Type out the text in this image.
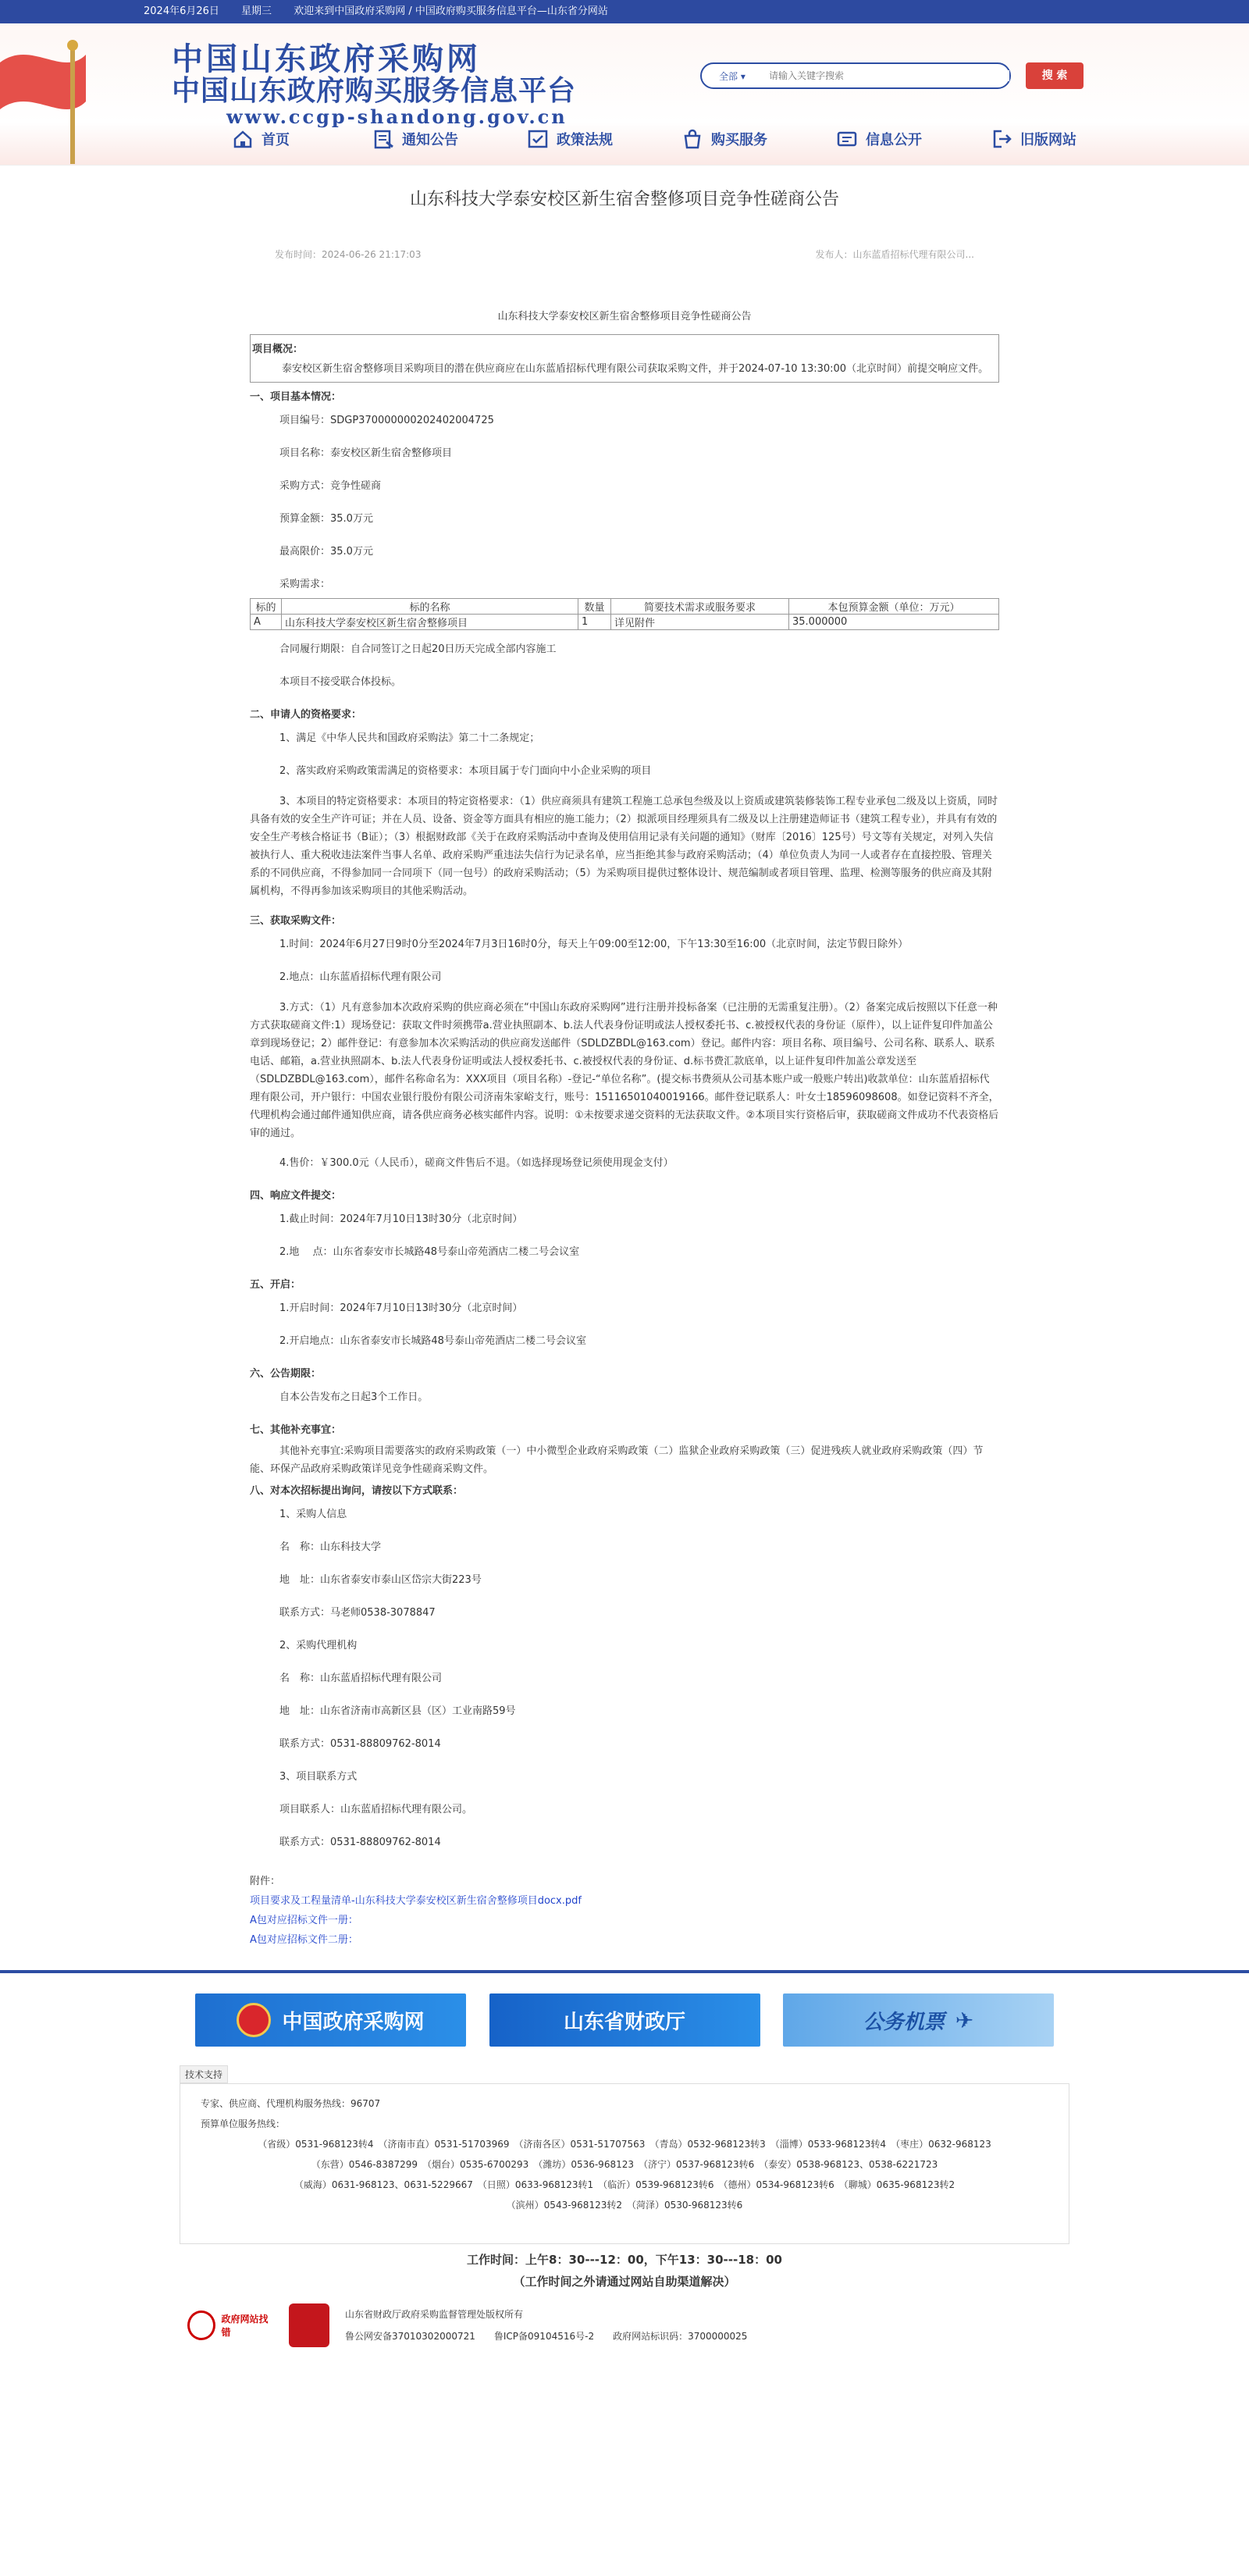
2024年6月26日 星期三 欢迎来到中国政府采购网 / 中国政府购买服务信息平台—山东省分网站
中国山东政府采购网
中国山东政府购买服务信息平台
www.ccgp-shandong.gov.cn
全部 ▾
请输入关键字搜索	搜 索
首页	通知公告	政策法规	购买服务	信息公开	旧版网站
山东科技大学泰安校区新生宿舍整修项目竞争性磋商公告
发布时间：2024-06-26 21:17:03	发布人：山东蓝盾招标代理有限公司...
山东科技大学泰安校区新生宿舍整修项目竞争性磋商公告

项目概况：

泰安校区新生宿舍整修项目采购项目的潜在供应商应在山东蓝盾招标代理有限公司获取采购文件，并于2024-07-10 13:30:00（北京时间）前提交响应文件。

一、项目基本情况：
项目编号：SDGP370000000202402004725
项目名称：泰安校区新生宿舍整修项目
采购方式：竞争性磋商
预算金额：35.0万元
最高限价：35.0万元
采购需求：
标的	标的名称	数量	简要技术需求或服务要求	本包预算金额（单位：万元）
A	山东科技大学泰安校区新生宿舍整修项目	1	详见附件	35.000000
合同履行期限：自合同签订之日起20日历天完成全部内容施工
本项目不接受联合体投标。
二、申请人的资格要求：
1、满足《中华人民共和国政府采购法》第二十二条规定；
2、落实政府采购政策需满足的资格要求：本项目属于专门面向中小企业采购的项目
3、本项目的特定资格要求：本项目的特定资格要求：（1）供应商须具有建筑工程施工总承包叁级及以上资质或建筑装修装饰工程专业承包二级及以上资质，同时具备有效的安全生产许可证；并在人员、设备、资金等方面具有相应的施工能力；（2）拟派项目经理须具有二级及以上注册建造师证书（建筑工程专业），并具有有效的安全生产考核合格证书（B证）；（3）根据财政部《关于在政府采购活动中查询及使用信用记录有关问题的通知》（财库〔2016〕125号）号文等有关规定，对列入失信被执行人、重大税收违法案件当事人名单、政府采购严重违法失信行为记录名单，应当拒绝其参与政府采购活动；（4）单位负责人为同一人或者存在直接控股、管理关系的不同供应商，不得参加同一合同项下（同一包号）的政府采购活动；（5）为采购项目提供过整体设计、规范编制或者项目管理、监理、检测等服务的供应商及其附属机构，不得再参加该采购项目的其他采购活动。
三、获取采购文件：
1.时间：2024年6月27日9时0分至2024年7月3日16时0分，每天上午09:00至12:00，下午13:30至16:00（北京时间，法定节假日除外）
2.地点：山东蓝盾招标代理有限公司
3.方式：（1）凡有意参加本次政府采购的供应商必须在“中国山东政府采购网”进行注册并投标备案（已注册的无需重复注册）。（2）备案完成后按照以下任意一种方式获取磋商文件:1）现场登记：获取文件时须携带a.营业执照副本、b.法人代表身份证明或法人授权委托书、c.被授权代表的身份证（原件），以上证件复印件加盖公章到现场登记；2）邮件登记：有意参加本次采购活动的供应商发送邮件（SDLDZBDL@163.com）登记。邮件内容：项目名称、项目编号、公司名称、联系人、联系电话、邮箱，a.营业执照副本、b.法人代表身份证明或法人授权委托书、c.被授权代表的身份证、d.标书费汇款底单，以上证件复印件加盖公章发送至（SDLDZBDL@163.com），邮件名称命名为：XXX项目（项目名称）-登记-“单位名称”。(提交标书费须从公司基本账户或一般账户转出)收款单位：山东蓝盾招标代理有限公司，开户银行：中国农业银行股份有限公司济南朱家峪支行，账号：15116501040019166。邮件登记联系人：叶女士18596098608。如登记资料不齐全，代理机构会通过邮件通知供应商，请各供应商务必核实邮件内容。说明：①未按要求递交资料的无法获取文件。②本项目实行资格后审，获取磋商文件成功不代表资格后审的通过。
4.售价：￥300.0元（人民币），磋商文件售后不退。（如选择现场登记须使用现金支付）
四、响应文件提交：
1.截止时间：2024年7月10日13时30分（北京时间）
2.地　 点：山东省泰安市长城路48号泰山帝苑酒店二楼二号会议室
五、开启：
1.开启时间：2024年7月10日13时30分（北京时间）
2.开启地点：山东省泰安市长城路48号泰山帝苑酒店二楼二号会议室
六、公告期限：
自本公告发布之日起3个工作日。
七、其他补充事宜：
其他补充事宜:采购项目需要落实的政府采购政策（一）中小微型企业政府采购政策（二）监狱企业政府采购政策（三）促进残疾人就业政府采购政策（四）节能、环保产品政府采购政策详见竞争性磋商采购文件。
八、对本次招标提出询问，请按以下方式联系：
1、采购人信息
名　称：山东科技大学
地　址：山东省泰安市泰山区岱宗大街223号
联系方式：马老师0538-3078847
2、采购代理机构
名　称：山东蓝盾招标代理有限公司
地　址：山东省济南市高新区县（区）工业南路59号
联系方式：0531-88809762-8014
3、项目联系方式
项目联系人：山东蓝盾招标代理有限公司。
联系方式：0531-88809762-8014
附件：
项目要求及工程量清单-山东科技大学泰安校区新生宿舍整修项目docx.pdf
A包对应招标文件一册：
A包对应招标文件二册：
中国政府采购网	山东省财政厅	公务机票 ✈
技术支持
专家、供应商、代理机构服务热线：96707
预算单位服务热线：
（省级）0531-968123转4　（济南市直）0531-51703969　（济南各区）0531-51707563　（青岛）0532-968123转3　（淄博）0533-968123转4　（枣庄）0632-968123
（东营）0546-8387299　（烟台）0535-6700293　（潍坊）0536-968123　（济宁）0537-968123转6　（泰安）0538-968123、0538-6221723
（威海）0631-968123、0631-5229667　（日照）0633-968123转1　（临沂）0539-968123转6　（德州）0534-968123转6　（聊城）0635-968123转2
（滨州）0543-968123转2　（菏泽）0530-968123转6
工作时间：上午8：30---12：00，下午13：30---18：00
（工作时间之外请通过网站自助渠道解决）
政府网站找错

山东省财政厅政府采购监督管理处版权所有

鲁公网安备37010302000721　　鲁ICP备09104516号-2　　政府网站标识码：3700000025
